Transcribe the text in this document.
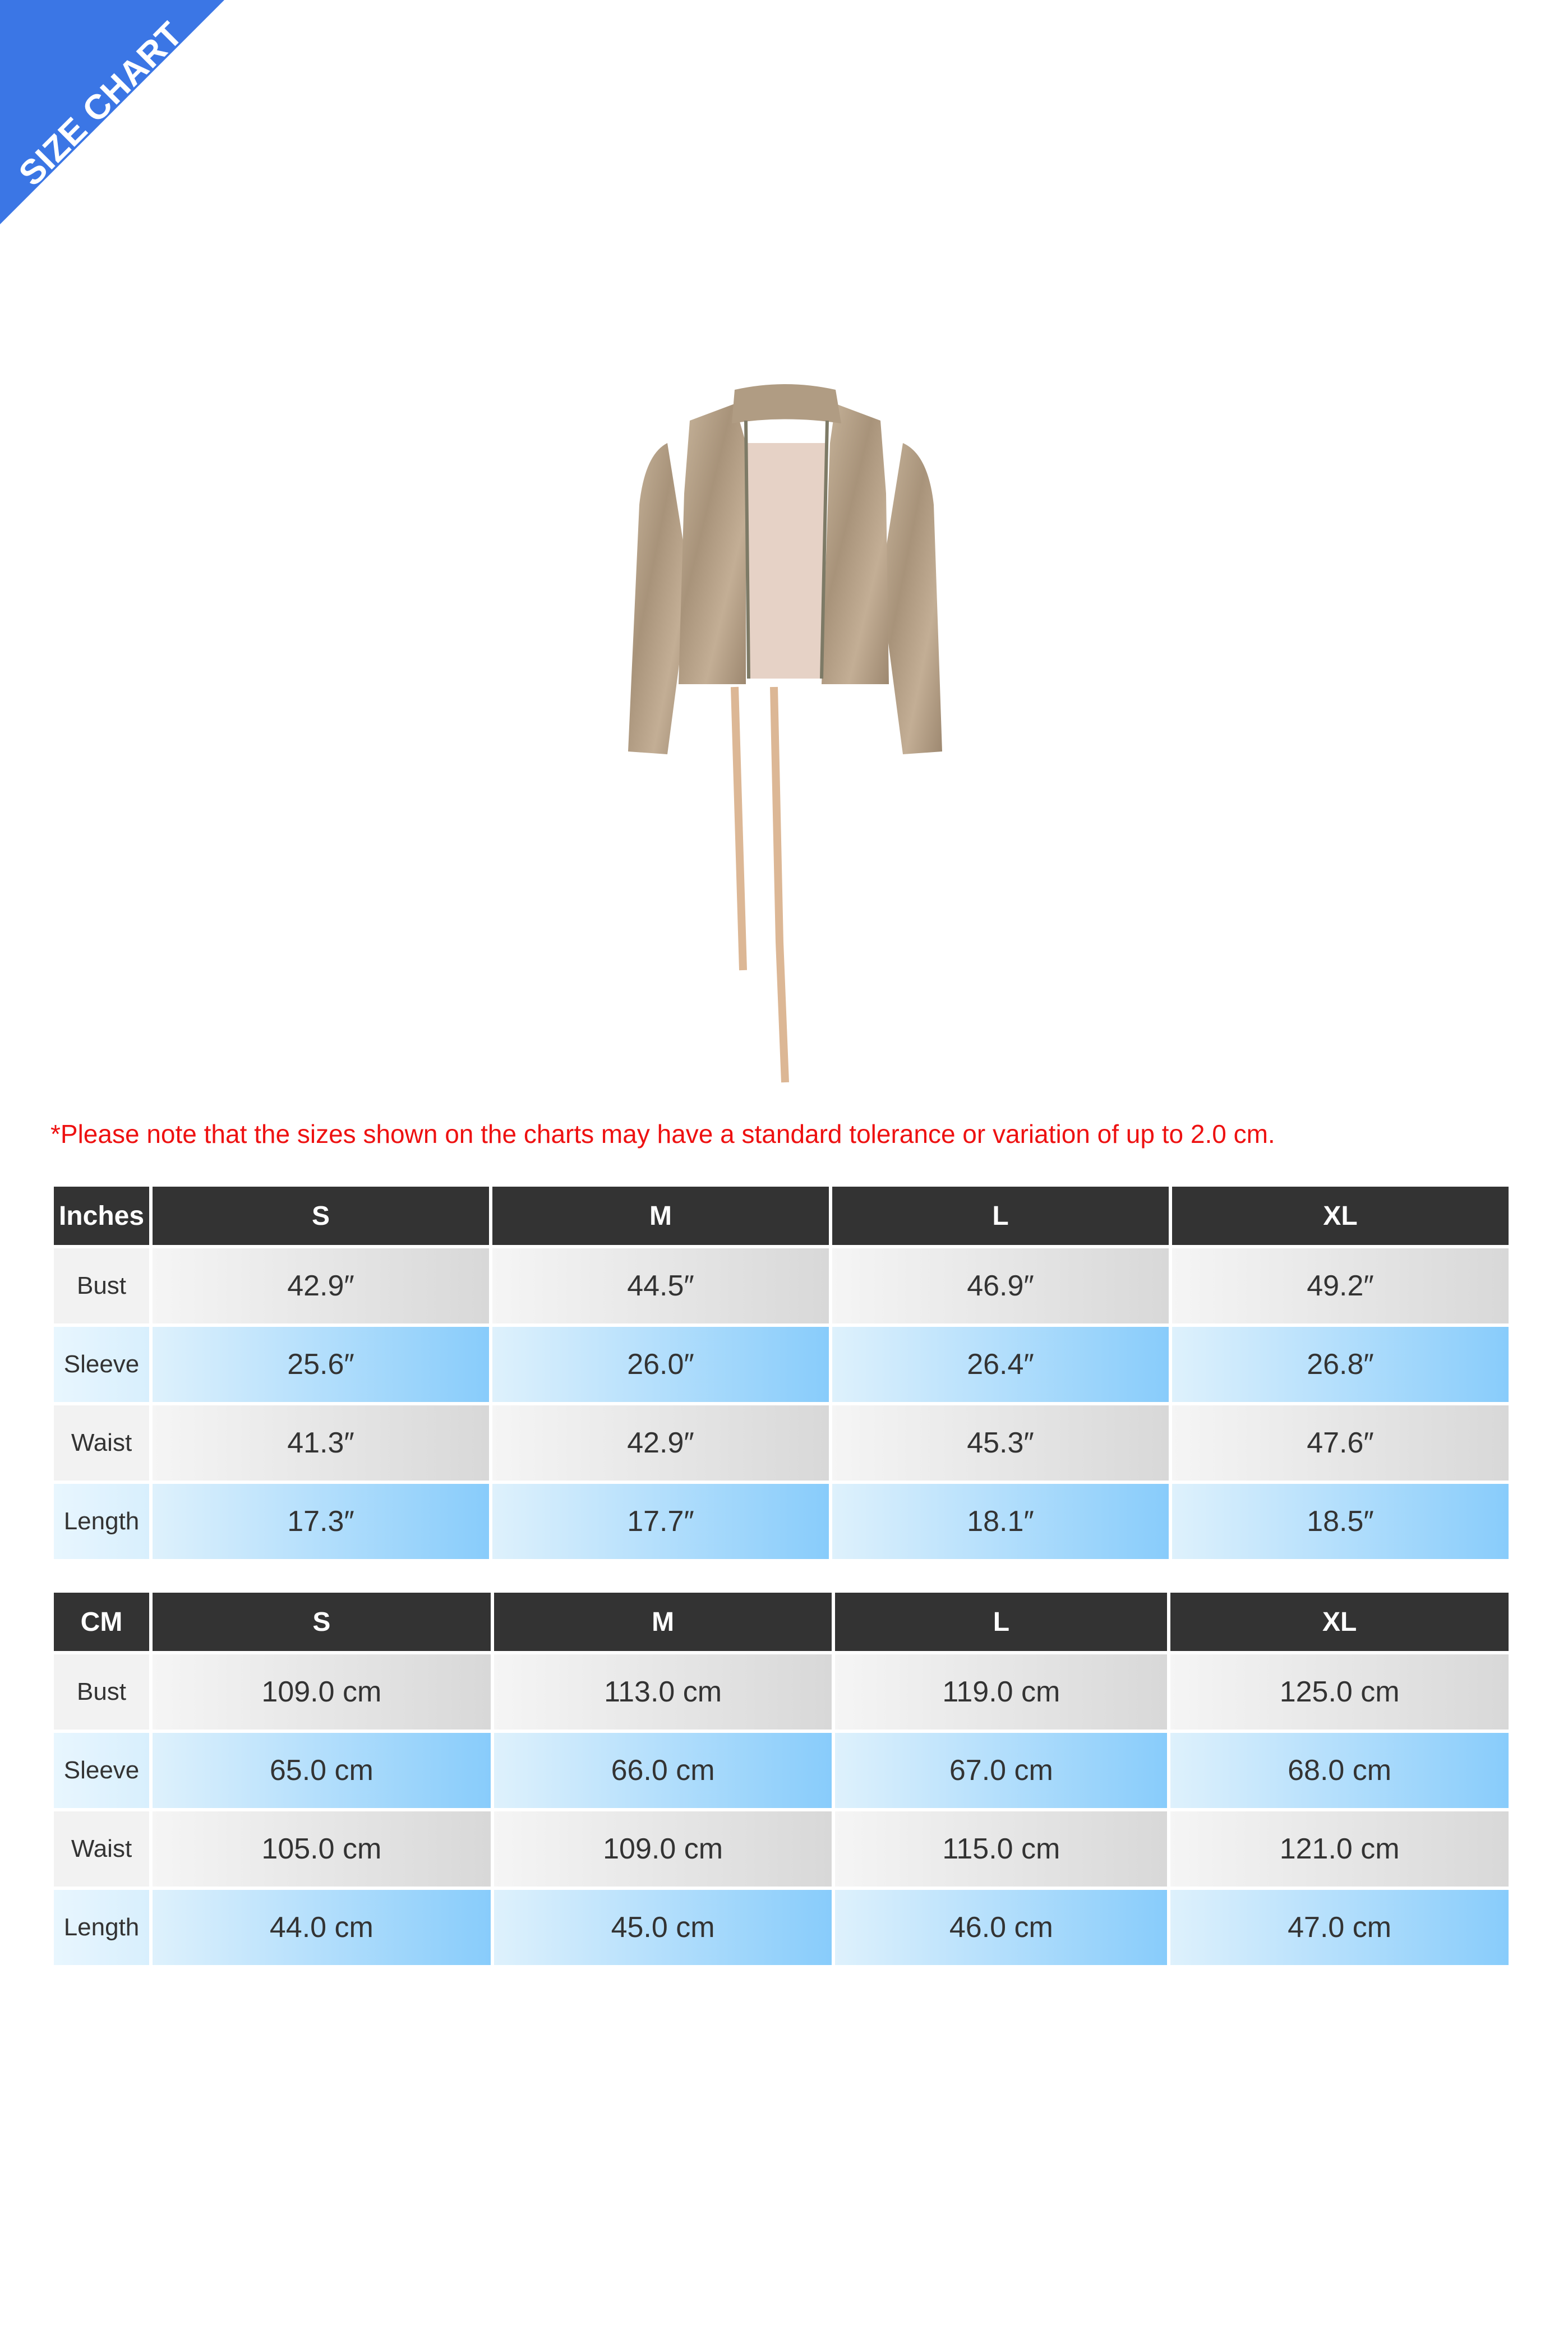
SIZE CHART
*Please note that the sizes shown on the charts may have a standard tolerance or variation of up to 2.0 cm.
Inches	S	M	L	XL
Bust	42.9″	44.5″	46.9″	49.2″
Sleeve	25.6″	26.0″	26.4″	26.8″
Waist	41.3″	42.9″	45.3″	47.6″
Length	17.3″	17.7″	18.1″	18.5″
CM	S	M	L	XL
Bust	109.0 cm	113.0 cm	119.0 cm	125.0 cm
Sleeve	65.0 cm	66.0 cm	67.0 cm	68.0 cm
Waist	105.0 cm	109.0 cm	115.0 cm	121.0 cm
Length	44.0 cm	45.0 cm	46.0 cm	47.0 cm
